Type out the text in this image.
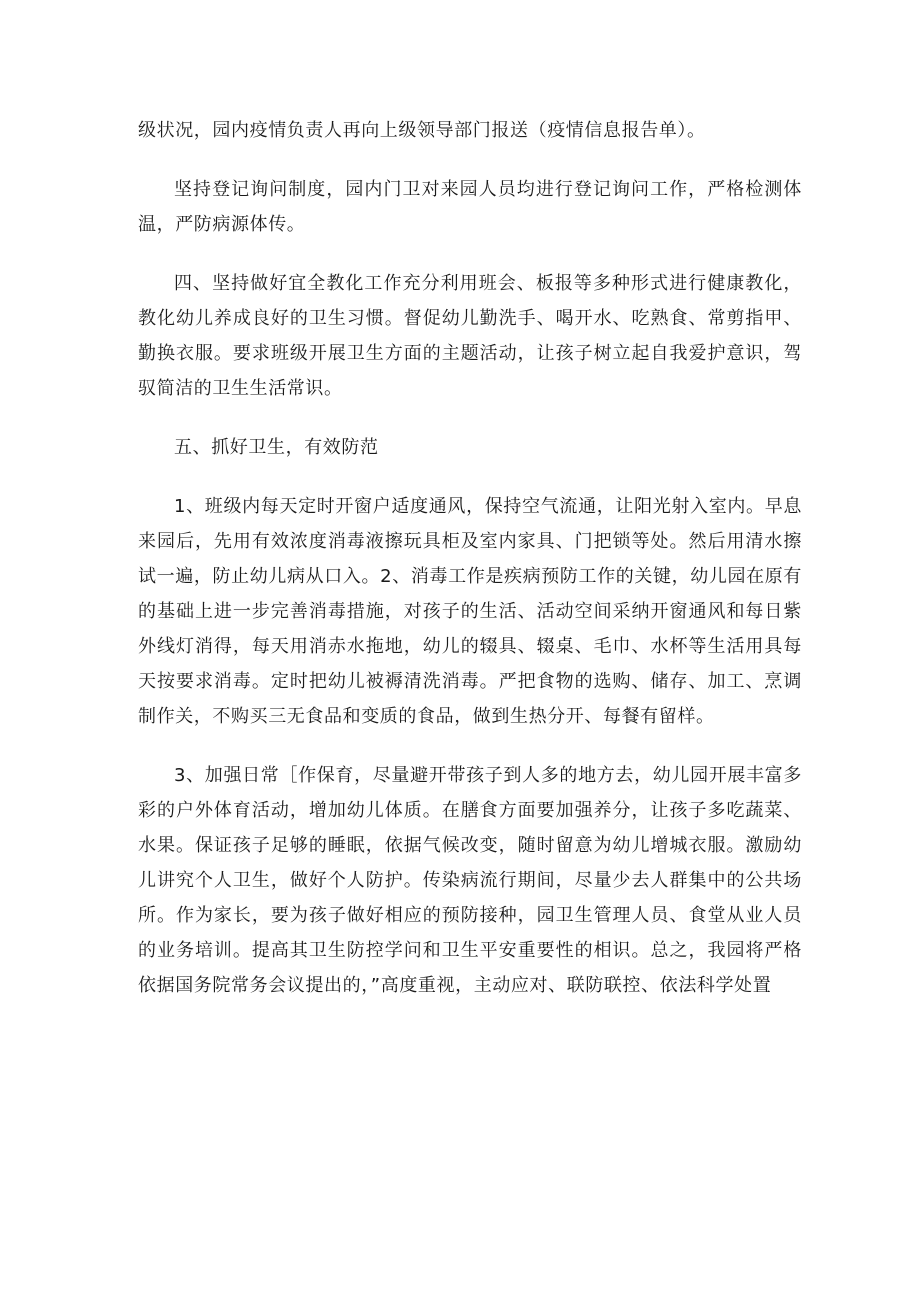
级状况，园内疫情负责人再向上级领导部门报送（疫情信息报告单）。

坚持登记询问制度，园内门卫对来园人员均进行登记询问工作，严格检测体温，严防病源体传。

四、坚持做好宜全教化工作充分利用班会、板报等多种形式进行健康教化，教化幼儿养成良好的卫生习惯。督促幼儿勤洗手、喝开水、吃熟食、常剪指甲、勤换衣服。要求班级开展卫生方面的主题活动，让孩子树立起自我爱护意识，驾驭简洁的卫生生活常识。

五、抓好卫生，有效防范

1、班级内每天定时开窗户适度通风，保持空气流通，让阳光射入室内。早息来园后，先用有效浓度消毒液擦玩具柜及室内家具、门把锁等处。然后用清水擦试一遍，防止幼儿病从口入。2、消毒工作是疾病预防工作的关键，幼儿园在原有的基础上进一步完善消毒措施，对孩子的生活、活动空间采纳开窗通风和每日紫外线灯消得，每天用消赤水拖地，幼儿的辍具、辍桌、毛巾、水杯等生活用具每天按要求消毒。定时把幼儿被褥清洗消毒。严把食物的选购、储存、加工、烹调制作关，不购买三无食品和变质的食品，做到生热分开、每餐有留样。

3、加强日常［作保育，尽量避开带孩子到人多的地方去，幼儿园开展丰富多彩的户外体育活动，增加幼儿体质。在膳食方面要加强养分，让孩子多吃蔬菜、水果。保证孩子足够的睡眠，依据气候改变，随时留意为幼儿增城衣服。激励幼儿讲究个人卫生，做好个人防护。传染病流行期间，尽量少去人群集中的公共场所。作为家长，要为孩子做好相应的预防接种，园卫生管理人员、食堂从业人员的业务培训。提高其卫生防控学问和卫生平安重要性的相识。总之，我园将严格依据国务院常务会议提出的，”高度重视，主动应对、联防联控、依法科学处置
